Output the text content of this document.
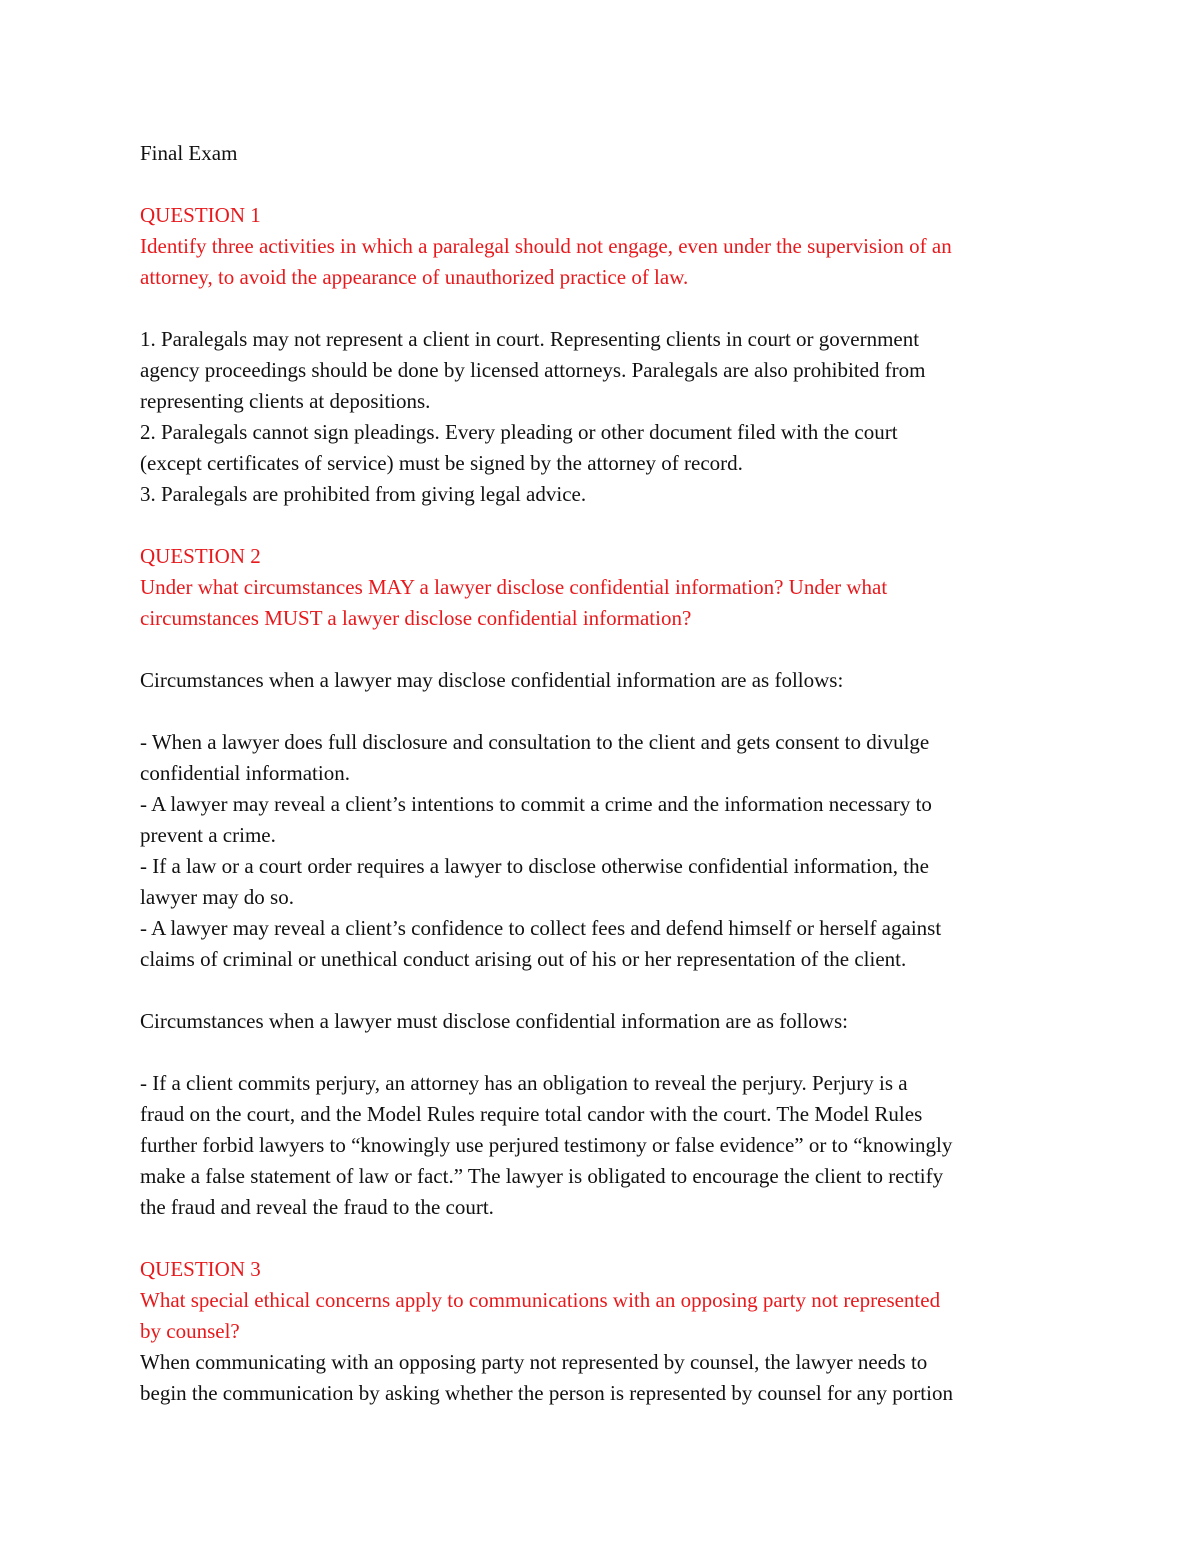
Final Exam
QUESTION 1
Identify three activities in which a paralegal should not engage, even under the supervision of an
attorney, to avoid the appearance of unauthorized practice of law.
1. Paralegals may not represent a client in court. Representing clients in court or government
agency proceedings should be done by licensed attorneys. Paralegals are also prohibited from
representing clients at depositions.
2. Paralegals cannot sign pleadings. Every pleading or other document filed with the court
(except certificates of service) must be signed by the attorney of record.
3. Paralegals are prohibited from giving legal advice.
QUESTION 2
Under what circumstances MAY a lawyer disclose confidential information? Under what
circumstances MUST a lawyer disclose confidential information?
Circumstances when a lawyer may disclose confidential information are as follows:
- When a lawyer does full disclosure and consultation to the client and gets consent to divulge
confidential information.
- A lawyer may reveal a client’s intentions to commit a crime and the information necessary to
prevent a crime.
- If a law or a court order requires a lawyer to disclose otherwise confidential information, the
lawyer may do so.
- A lawyer may reveal a client’s confidence to collect fees and defend himself or herself against
claims of criminal or unethical conduct arising out of his or her representation of the client.
Circumstances when a lawyer must disclose confidential information are as follows:
- If a client commits perjury, an attorney has an obligation to reveal the perjury. Perjury is a
fraud on the court, and the Model Rules require total candor with the court. The Model Rules
further forbid lawyers to “knowingly use perjured testimony or false evidence” or to “knowingly
make a false statement of law or fact.” The lawyer is obligated to encourage the client to rectify
the fraud and reveal the fraud to the court.
QUESTION 3
What special ethical concerns apply to communications with an opposing party not represented
by counsel?
When communicating with an opposing party not represented by counsel, the lawyer needs to
begin the communication by asking whether the person is represented by counsel for any portion
